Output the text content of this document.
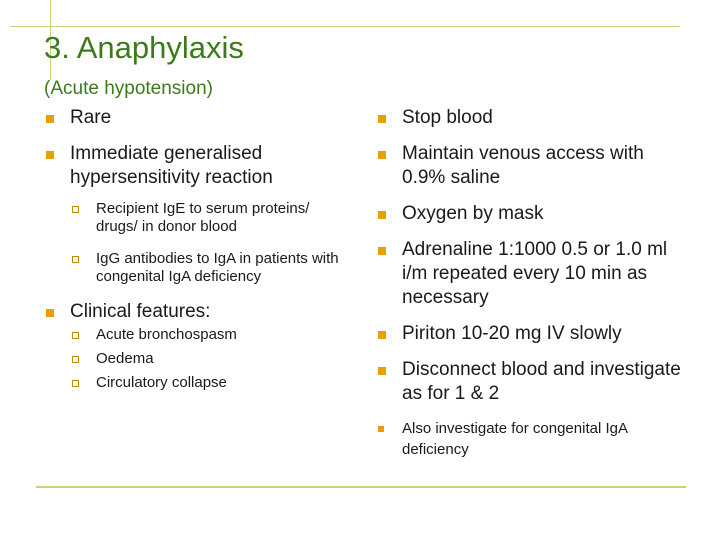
3. Anaphylaxis
(Acute hypotension)
Rare
Immediate generalised hypersensitivity reaction
Recipient IgE to serum proteins/ drugs/ in donor blood
IgG antibodies to IgA in patients with congenital IgA deficiency
Clinical features:
Acute bronchospasm
Oedema
Circulatory collapse
Stop blood
Maintain venous access with 0.9% saline
Oxygen by mask
Adrenaline 1:1000 0.5 or 1.0 ml i/m repeated every 10 min as necessary
Piriton 10-20 mg IV slowly
Disconnect blood and investigate as for 1 & 2
Also investigate for congenital IgA deficiency
